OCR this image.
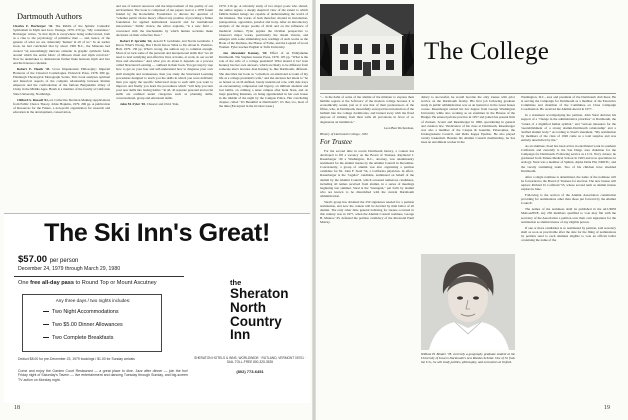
Dartmouth Authors

Charles F. Horberger '42. The Riddle of the Sphinx: Calendric Symbolism in Myth and Icon. Vantage, 1979. 279 pp. "My contention," Horberger writes, "is that myth is everywhere being rediscovered, both as a clue to the psychology of primitive man — and, hence, of the genesis of what we are, inherently 'human' in all of us." In an earlier book, he had concluded that by about 1300 B.C., the Minoans had created "an astonishingly intricate calendar in graphic symbolic form, around which the entire fabric of Minoan ritual and myth revolved." Now he undertakes to demonstrate further links between myth and lore and the Knossos calendar.

Robert E. Heath '45. Cross Impantonian Philosophy: Imperial Horizons of the Classical Cosmologies. Pickwick Press, 1978. 280 pp. Pittsburgh Theological Monograph Series. This book analyzes spiritual and historical aspects of the complex relationship between Roman emperors and the confrontation of the famous Burgundian abbey of Cluny in the Middle Ages. Heath is a member of the faculty at California State University, Northridge.

Clifford S. Russell '61, ed. Collective Decision Making: Applications from Public Choice Theory. Johns Hopkins, 1979. 296 pp. A publication of Resources for the Future, a non-profit organization for research and education in the development, conservation,

and use of natural resources and the improvement of the quality of our environment. The book is comprised of ten papers read at a 1978 forum funded by the Rockefeller Foundation to discuss the question of "whether public choice theory offered any promise of providing a firmer foundation for applied institutional research and for institutional innovations." Public choice, the editor explains, "is a new field ... concerned with the mechanisms by which human societies make decisions on their collective lives."

Robert P. Spratlin '62, Arnold F. Goldstein, and Norris Gershwin. I Know What's Wrong, But I Don't Know What to Do About It. Prentice-Hall, 1979. 136 pp. What's wrong, the authors say, is common enough. Most of us lack some of the personal and interpersonal skills that "we all need to lead satisfying and effective lives at home, at work, in our social lives and elsewhere." And what you do about it depends on a process called Structured Learning — outlined in their book. You get step by step how to get on your fear and self-understand how to diagnose your own skill strengths and weaknesses, then you study the Structured Learning procedures designed to teach you the skills in which you were deficient; then you apply the specific behavioral steps to each skill you want to improve and finally you learn the procedures which "will help you turn your new skills into lasting habits." In all, 45 separate personal and social skills are outlined under categories such as planning skills, conversational, group and emotional skills.

John M. Fyler '65. Chaucer and Ovid. Yale,

1979. 216 pp. A scholarly study of two major poets who shared, the author argues, a deeply skeptical view of the extent to which fallible human beings are capable of understanding the world of the timeless. The works of both therefore abound in irresolution, juxtaposition, opposition, paradox and irony. After an introductory analysis of the major poems of Ovid and on the influence of medieval culture, Fyler applies the Ovidian perspective to Chaucer's major works, particularly the dream visions, and emerges with some stimulating new readings of such works as the Book of the Duchess, the House of Fame, and the Legend of Good Women. Fyler teaches English at Tufts University.

Jon Alexander Kenney, '69. Effect of an Enthymeme Dartmouth. The Stephen Greene Press, 1979. 105 pp. "What is the role of the wife of a college president? What should it be? Jean Kenney has her own answers, which are likely to be different from someone else's because Jean Kenney is, like Dartmouth, different. She describes her book as "a memoir, an emotional account of my life as a college president's wife," and she declares her intent to "be as honest as an ill-defined, barely understood role, with side trays on encountering compassion and bigotry, on militant students and lost lambs, on calming a tense campus after Kent State, and on inept guarding Russians, on being apprehended in her own house in the middle of the night by the Campus Police. Her concluding chapter, called "It's Beautiful at Dartmouth"; it's that, too, most of the time (Excerpted in the October issue.)

The Ski Inn's Great!
$57.00 per person
December 24, 1979 through March 29, 1980
One free all-day pass to Round Top or Mount Ascutney
Any three days / two nights includes:
Two Night Accommodations
Two $5.00 Dinner Allowances
Two Complete Breakfasts
Deduct $8.00 for pre-December 23, 1979 bookings / $1.00 for Sunday arrivals
Come and enjoy the Garden Court Restaurant — a great place to dine. Jazz after dinner — join the fun! Friday night of Saturday's Tavern — live entertainment and dancing Tuesday through Sunday, and big-screen TV action on Monday night.
the
Sheraton
North
Country
Inn
SHERATON HOTELS & INNS, WORLDWIDE · RUTLAND, VERMONT 05701 · DIAL TOLL-FREE 800-325-3535
(802) 773-6451
18
The College

"... in the habit of some of the alumni of the minister to express their humble regrets at the 'leftovers' of the modern college because it is economically sound, just as it was that of their predecessors of the fifties, who, in Dartmouth, mournfully surveyed the introduction of the bathtub into the college dormitories, and burned away with the fixed purpose of striking from their wills all provisions in favor of so degenerate an institution."

Leon Burr Richardson,

History of Dartmouth College, 1932

For Trustee

For the second time in recent Dartmouth history, a contest has developed to fill a vacancy on the Board of Trustees. Raymond J. Rasenberger '49 a Washington, D.C., attorney, was unanimously nominated for the alumni trustee by the Alumni Council in December. Concurrently, a group of alumni was also organizing a petition candidate for Dr. John F. Staal '54, a California physician. In effect, Rasenberger is the "regular" candidate, nominated on behalf of the alumni by the Alumni Council, which screened numerous candidates, including all names received from alumni, in a series of meetings beginning last summer. Staal is the "insurgent," put forth by alumni who are known to be dissatisfied with the current Dartmouth administration.

Staal's group has obtained the 250 signatures needed for a petition nomination, and now the contest will be decided by mail ballot of all alumni. The only other time general balloting for trustee occurred in this century was in 1977, when the Alumni Council nominee, George B. Munroe '43, defeated the petition candidacy of the Reverend Paull Murray.

didacy is successful, he would become the only trustee with prior service on the Dartmouth faculty. His first job following graduate study in public administration was as an instructor in the Great Issues course. Rasenberger earned his law degree from George Washington University while also working as an examiner in the Bureau of the Budget. He entered private practice in 1957 and joined his present firm of Zuckert, Scoutt and Rasenberger in 1960, specializing in general and aviation law. Vindication of his class at Dartmouth, Rasenberger was also a member of the Casque & Gauntlet, Palaeopitus, the Undergraduate Council, and Delta Kappa Epsilon. He also played varsity basketball. Besides his Alumni Council membership, he has been an enrollment worker in the

William H. Bender '78, currently a geography graduate student at the University of Iowa is Dartmouth's new Rhodes Scholar. One of 32 from the U.S., he will study politics, philosophy, and economics at Oxford.

Washington, D.C., area and president of the Dartmouth club there. He is serving the Campaign for Dartmouth as a member of the Executive Committee and chairman of the Committee on Class Campaign Coordination. He received the Alumni Award in 1977.

In a statement accompanying the petition, John Staal declares his support of a "change in the administrative priorities" at Dartmouth, the "return of a dignified Indian symbol," and "serious measures for the 'reestablishment of a strong alumni-Dartmouth relationship' and a 'unified alumni body.'" According to Staal's statement, "My nomination by members of the class of 1926 came as a total surprise and was entirely unsolicited by me."

As an alumnus, Staal has been active in enrollment work in southern California and currently is the San Diego area chairman for the Campaign for Dartmouth. Following service as a U.S. Navy aviator, he graduated from Tulane Medical School in 1963 and now specializes in urology. Staal was a member of Sphinx, Alpha Delta Phi, NROTC, and the varsity swimming team. Two of his children have attended Dartmouth.

After a single nominee is determined, the name of the nominee will be forwarded to the Board of Trustees for election. The new trustee will replace Richard D. Lombard '53, whose second term as alumni trustee expires in June.

Following is the section of the Alumni Association constitution providing for nominations other than those put forward by the Alumni Council:

The names of the nominees shall be published in the ALUMNI MAGAZINE, any 250 members qualified to vote may file with the secretary of the Association a petition over their own signatures for the nomination as alumni trustee of any eligible person.

If one or more candidates is so nominated by petition, said secretary shall as soon as practicable after the date for the filing of nominations by petition send to each alumnus eligible to vote an official ballot containing the name of the

19
